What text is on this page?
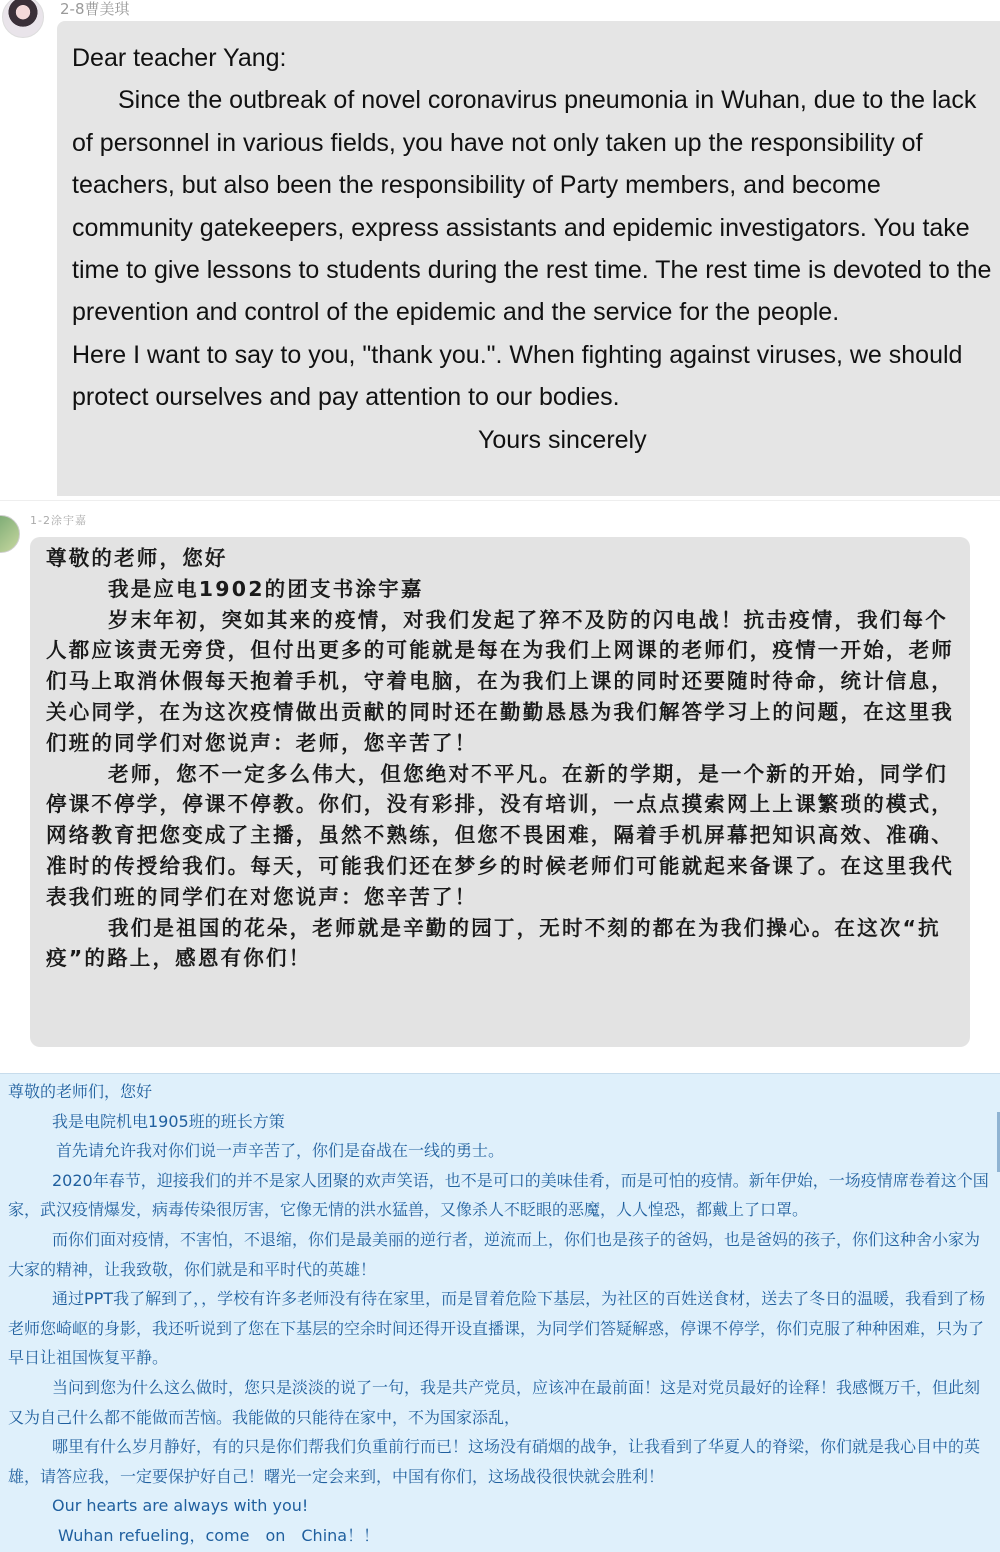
2-8曹美琪

Dear teacher Yang:

Since the outbreak of novel coronavirus pneumonia in Wuhan, due to the lack of personnel in various fields, you have not only taken up the responsibility of teachers, but also been the responsibility of Party members, and become community gatekeepers, express assistants and epidemic investigators. You take time to give lessons to students during the rest time. The rest time is devoted to the prevention and control of the epidemic and the service for the people.

Here I want to say to you, "thank you.". When fighting against viruses, we should protect ourselves and pay attention to our bodies.

Yours sincerely

1-2涂宇嘉

尊敬的老师，您好

我是应电1902的团支书涂宇嘉

岁末年初，突如其来的疫情，对我们发起了猝不及防的闪电战！抗击疫情，我们每个人都应该责无旁贷，但付出更多的可能就是每在为我们上网课的老师们，疫情一开始，老师们马上取消休假每天抱着手机，守着电脑，在为我们上课的同时还要随时待命，统计信息，关心同学，在为这次疫情做出贡献的同时还在勤勤恳恳为我们解答学习上的问题，在这里我们班的同学们对您说声：老师，您辛苦了！

老师，您不一定多么伟大，但您绝对不平凡。在新的学期，是一个新的开始，同学们停课不停学，停课不停教。你们，没有彩排，没有培训，一点点摸索网上上课繁琐的模式，网络教育把您变成了主播，虽然不熟练，但您不畏困难，隔着手机屏幕把知识高效、准确、准时的传授给我们。每天，可能我们还在梦乡的时候老师们可能就起来备课了。在这里我代表我们班的同学们在对您说声：您辛苦了！

我们是祖国的花朵，老师就是辛勤的园丁，无时不刻的都在为我们操心。在这次“抗疫”的路上，感恩有你们！

尊敬的老师们，您好

我是电院机电1905班的班长方策

首先请允许我对你们说一声辛苦了，你们是奋战在一线的勇士。

2020年春节，迎接我们的并不是家人团聚的欢声笑语，也不是可口的美味佳肴，而是可怕的疫情。新年伊始，一场疫情席卷着这个国家，武汉疫情爆发，病毒传染很厉害，它像无情的洪水猛兽，又像杀人不眨眼的恶魔，人人惶恐，都戴上了口罩。

而你们面对疫情，不害怕，不退缩，你们是最美丽的逆行者，逆流而上，你们也是孩子的爸妈，也是爸妈的孩子，你们这种舍小家为大家的精神，让我致敬，你们就是和平时代的英雄！

通过PPT我了解到了，，学校有许多老师没有待在家里，而是冒着危险下基层，为社区的百姓送食材，送去了冬日的温暖，我看到了杨老师您崎岖的身影，我还听说到了您在下基层的空余时间还得开设直播课，为同学们答疑解惑，停课不停学，你们克服了种种困难，只为了早日让祖国恢复平静。

当问到您为什么这么做时，您只是淡淡的说了一句，我是共产党员，应该冲在最前面！这是对党员最好的诠释！我感慨万千，但此刻又为自己什么都不能做而苦恼。我能做的只能待在家中，不为国家添乱，

哪里有什么岁月静好，有的只是你们帮我们负重前行而已！这场没有硝烟的战争，让我看到了华夏人的脊梁，你们就是我心目中的英雄，请答应我，一定要保护好自己！曙光一定会来到，中国有你们，这场战役很快就会胜利！

Our hearts are always with you!

Wuhan refueling，come　on　China！！
